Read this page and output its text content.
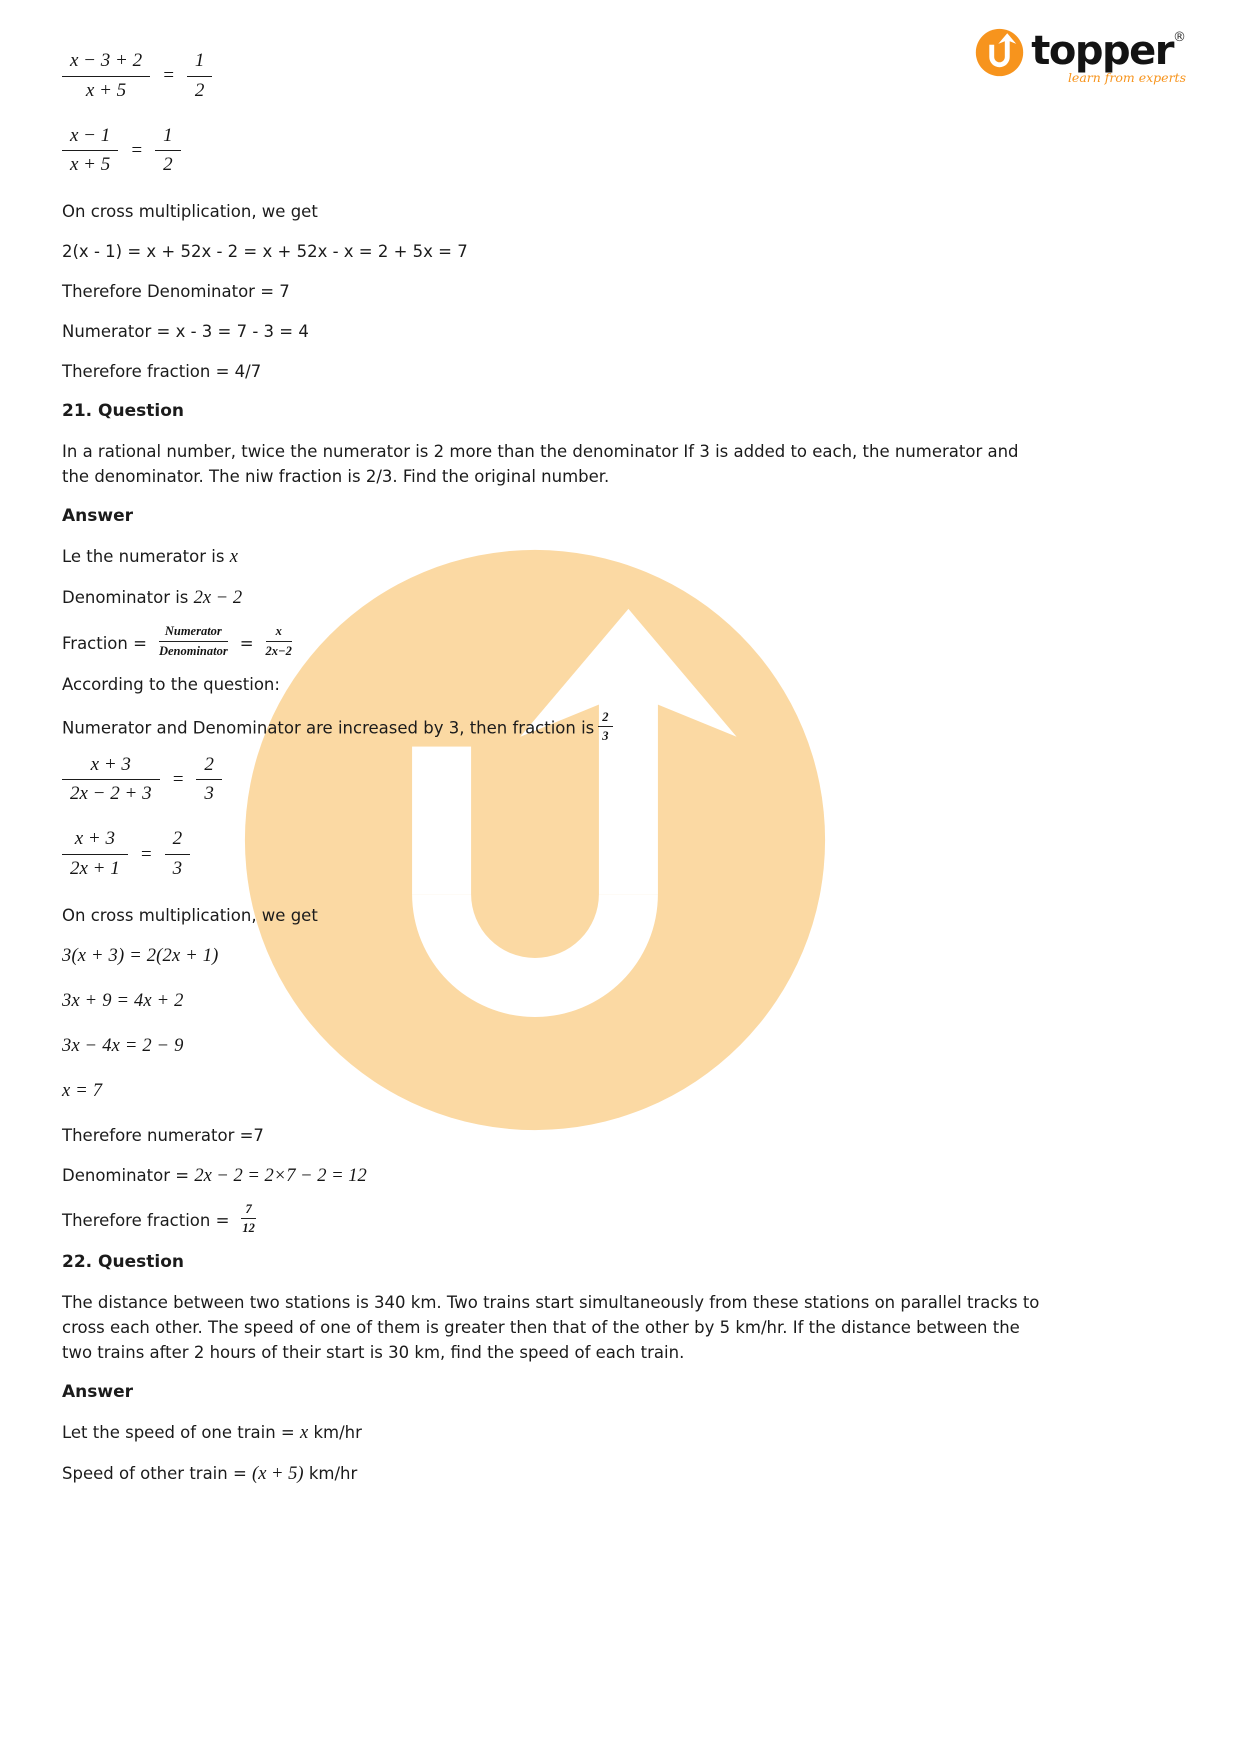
topper ®
learn from experts
$\frac{x - 3 + 2}{x + 5} = \frac{1}{2}$
$\frac{x - 1}{x + 5} = \frac{1}{2}$

On cross multiplication, we get

2(x - 1) = x + 52x - 2 = x + 52x - x = 2 + 5x = 7

Therefore Denominator = 7

Numerator = x - 3 = 7 - 3 = 4

Therefore fraction = 4/7

21. Question

In a rational number, twice the numerator is 2 more than the denominator If 3 is added to each, the numerator and the denominator. The niw fraction is 2/3. Find the original number.

Answer

Le the numerator is x

Denominator is 2x − 2

Fraction = $\frac{\text{Numerator}}{\text{Denominator}} = \frac{x}{2x-2}$

According to the question:

Numerator and Denominator are increased by 3, then fraction is $\frac{2}{3}$

$\frac{x + 3}{2x - 2 + 3} = \frac{2}{3}$
$\frac{x + 3}{2x + 1} = \frac{2}{3}$

On cross multiplication, we get

3(x + 3) = 2(2x + 1)

3x + 9 = 4x + 2

3x − 4x = 2 − 9

x = 7

Therefore numerator =7

Denominator = 2x − 2 = 2×7 − 2 = 12

Therefore fraction = $\frac{7}{12}$

22. Question

The distance between two stations is 340 km. Two trains start simultaneously from these stations on parallel tracks to cross each other. The speed of one of them is greater then that of the other by 5 km/hr. If the distance between the two trains after 2 hours of their start is 30 km, find the speed of each train.

Answer

Let the speed of one train = x km/hr

Speed of other train = (x + 5) km/hr
